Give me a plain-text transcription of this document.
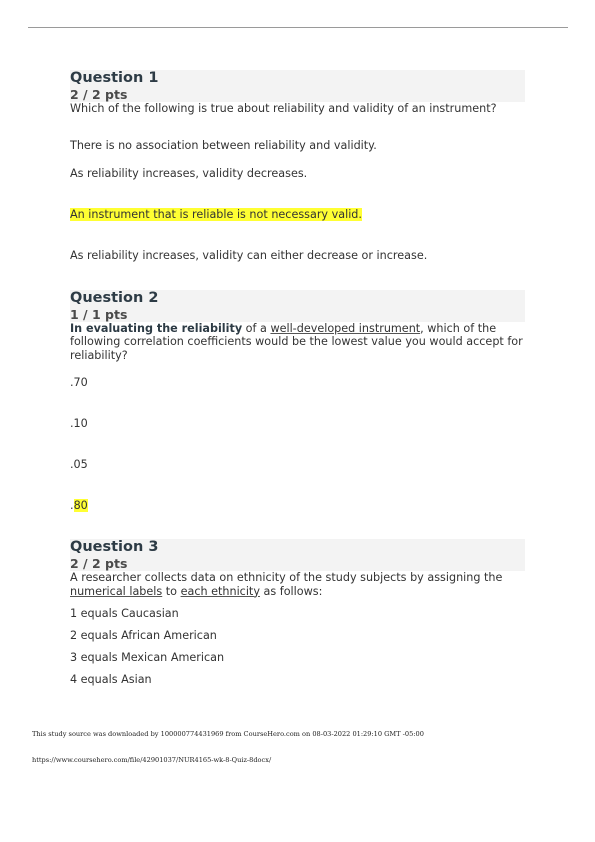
Question 1
2 / 2 pts

Which of the following is true about reliability and validity of an instrument?

There is no association between reliability and validity.
As reliability increases, validity decreases.
An instrument that is reliable is not necessary valid.
As reliability increases, validity can either decrease or increase.
Question 2
1 / 1 pts

In evaluating the reliability of a well-developed instrument, which of the following correlation coefficients would be the lowest value you would accept for reliability?

.70
.10
.05
.80
Question 3
2 / 2 pts

A researcher collects data on ethnicity of the study subjects by assigning the numerical labels to each ethnicity as follows:

1 equals Caucasian
2 equals African American
3 equals Mexican American
4 equals Asian
This study source was downloaded by 100000774431969 from CourseHero.com on 08-03-2022 01:29:10 GMT -05:00
https://www.coursehero.com/file/42901037/NUR4165-wk-8-Quiz-8docx/
